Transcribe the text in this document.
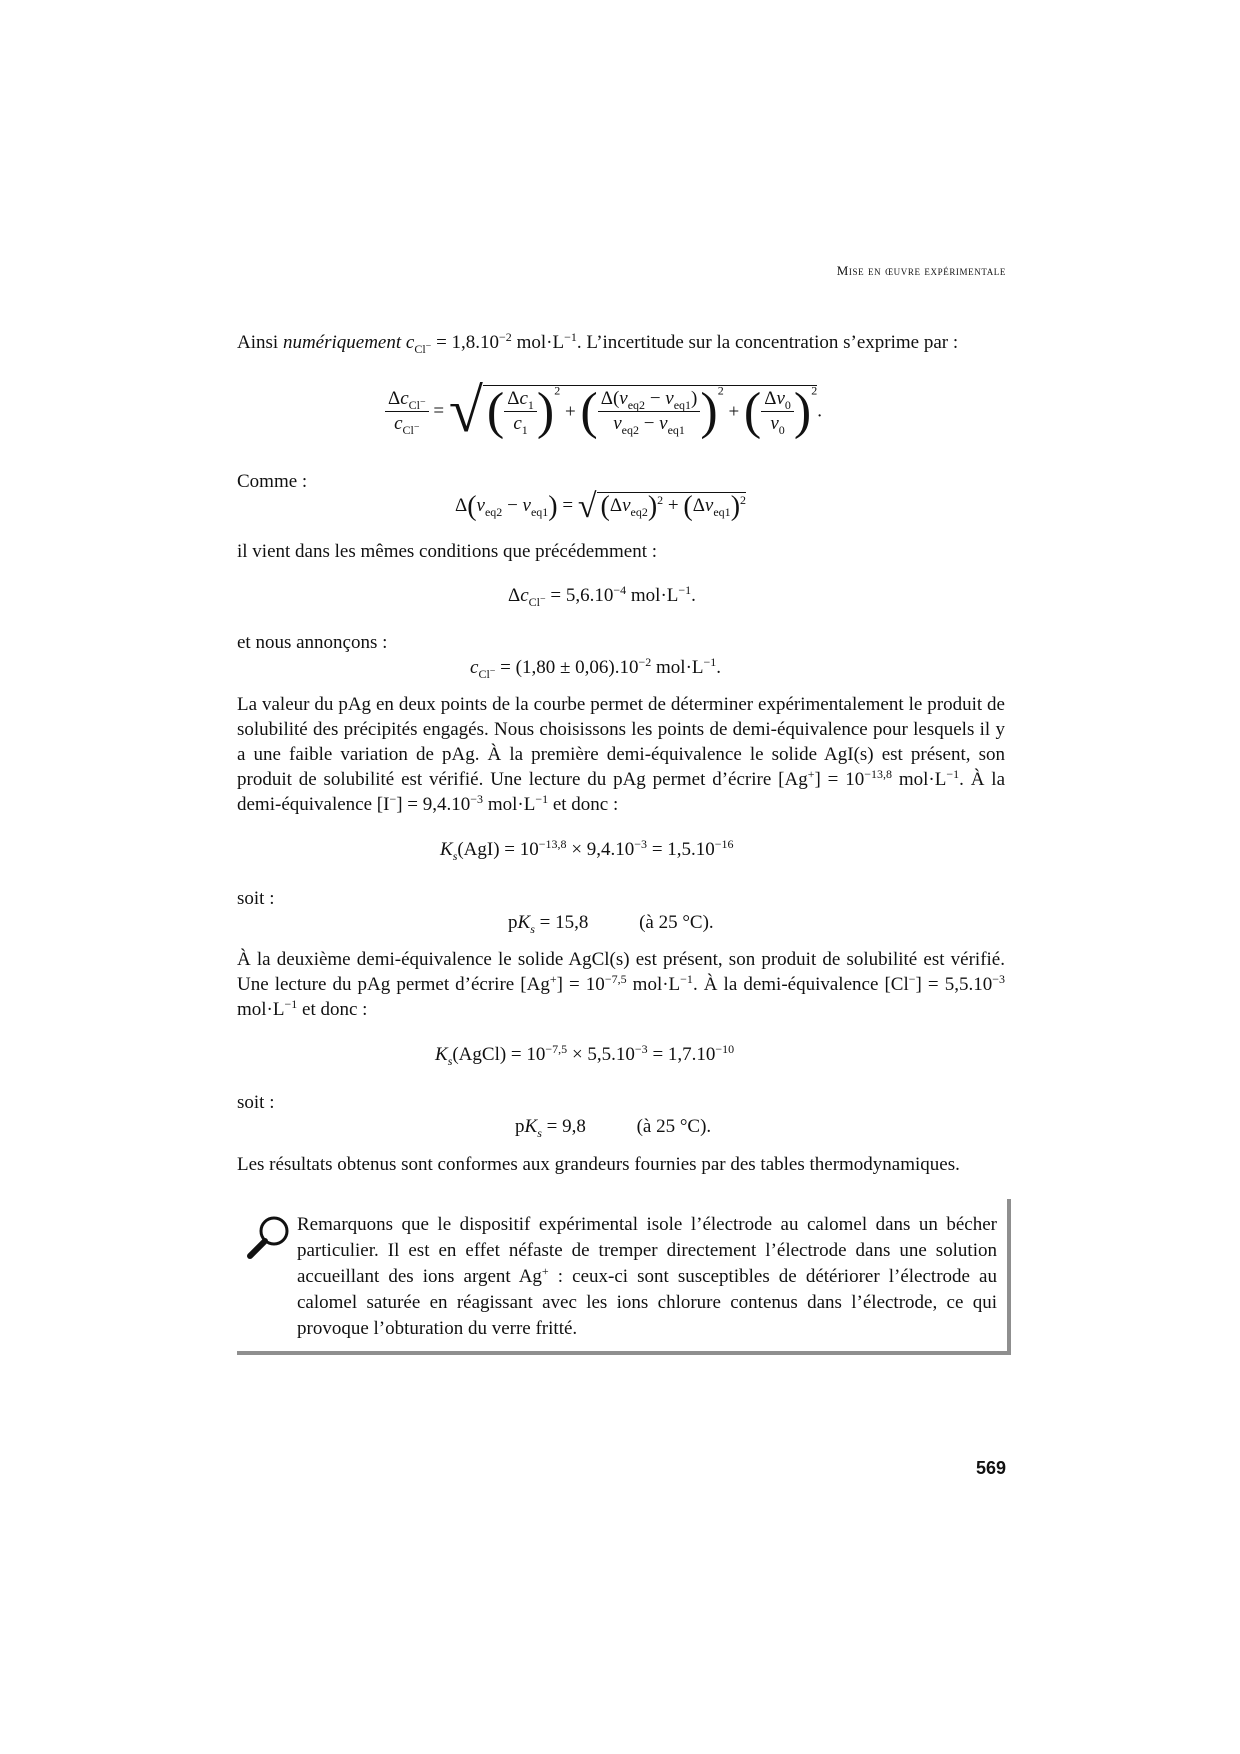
Mise en œuvre expérimentale
Ainsi numériquement $c_{Cl^-} = 1,8.10^{-2}$ $mol\cdot L^{-1}$. L’incertitude sur la concentration s’exprime par :
$\frac{\Delta c_{Cl^-}}{c_{Cl^-}}$ = √( $\frac{\Delta c_1}{c_1} )^2$ + ( $\frac{\Delta(v_{eq2} - v_{eq1})}{v_{eq2} - v_{eq1}} )^2$ + ( $\frac{\Delta v_0}{v_0} )^2$.
Comme :
$\Delta(v_{eq2} - v_{eq1})$ = √ $(\Delta v_{eq2})^2 + (\Delta v_{eq1})^2$
il vient dans les mêmes conditions que précédemment :
$\Delta c_{Cl^-} = 5,6.10^{-4}$ $mol\cdot L^{-1}$.
et nous annonçons :
$c_{Cl^-} = (1,80 \pm 0,06).10^{-2}$ $mol\cdot L^{-1}$.
La valeur du pAg en deux points de la courbe permet de déterminer expérimentalement le produit de solubilité des précipités engagés. Nous choisissons les points de demi-équivalence pour lesquels il y a une faible variation de pAg. À la première demi-équivalence le solide AgI(s) est présent, son produit de solubilité est vérifié. Une lecture du pAg permet d’écrire $[Ag^+] = 10^{-13,8}$ $mol\cdot L^{-1}$. À la demi-équivalence $[I^-] = 9,4.10^{-3}$ $mol\cdot L^{-1}$ et donc :
$K_s(AgI) = 10^{-13,8} \times 9,4.10^{-3} = 1,5.10^{-16}$
soit :
$pK_s = 15,8$	(à 25 °C).
À la deuxième demi-équivalence le solide AgCl(s) est présent, son produit de solubilité est vérifié. Une lecture du pAg permet d’écrire $[Ag^+] = 10^{-7,5}$ $mol\cdot L^{-1}$. À la demi-équivalence $[Cl^-] = 5,5.10^{-3}$ $mol\cdot L^{-1}$ et donc :
$K_s(AgCl) = 10^{-7,5} \times 5,5.10^{-3} = 1,7.10^{-10}$
soit :
$pK_s = 9,8$	(à 25 °C).
Les résultats obtenus sont conformes aux grandeurs fournies par des tables thermodynamiques.
Remarquons que le dispositif expérimental isole l’électrode au calomel dans un bécher particulier. Il est en effet néfaste de tremper directement l’électrode dans une solution accueillant des ions argent Ag+ : ceux-ci sont susceptibles de détériorer l’électrode au calomel saturée en réagissant avec les ions chlorure contenus dans l’électrode, ce qui provoque l’obturation du verre fritté.
569
